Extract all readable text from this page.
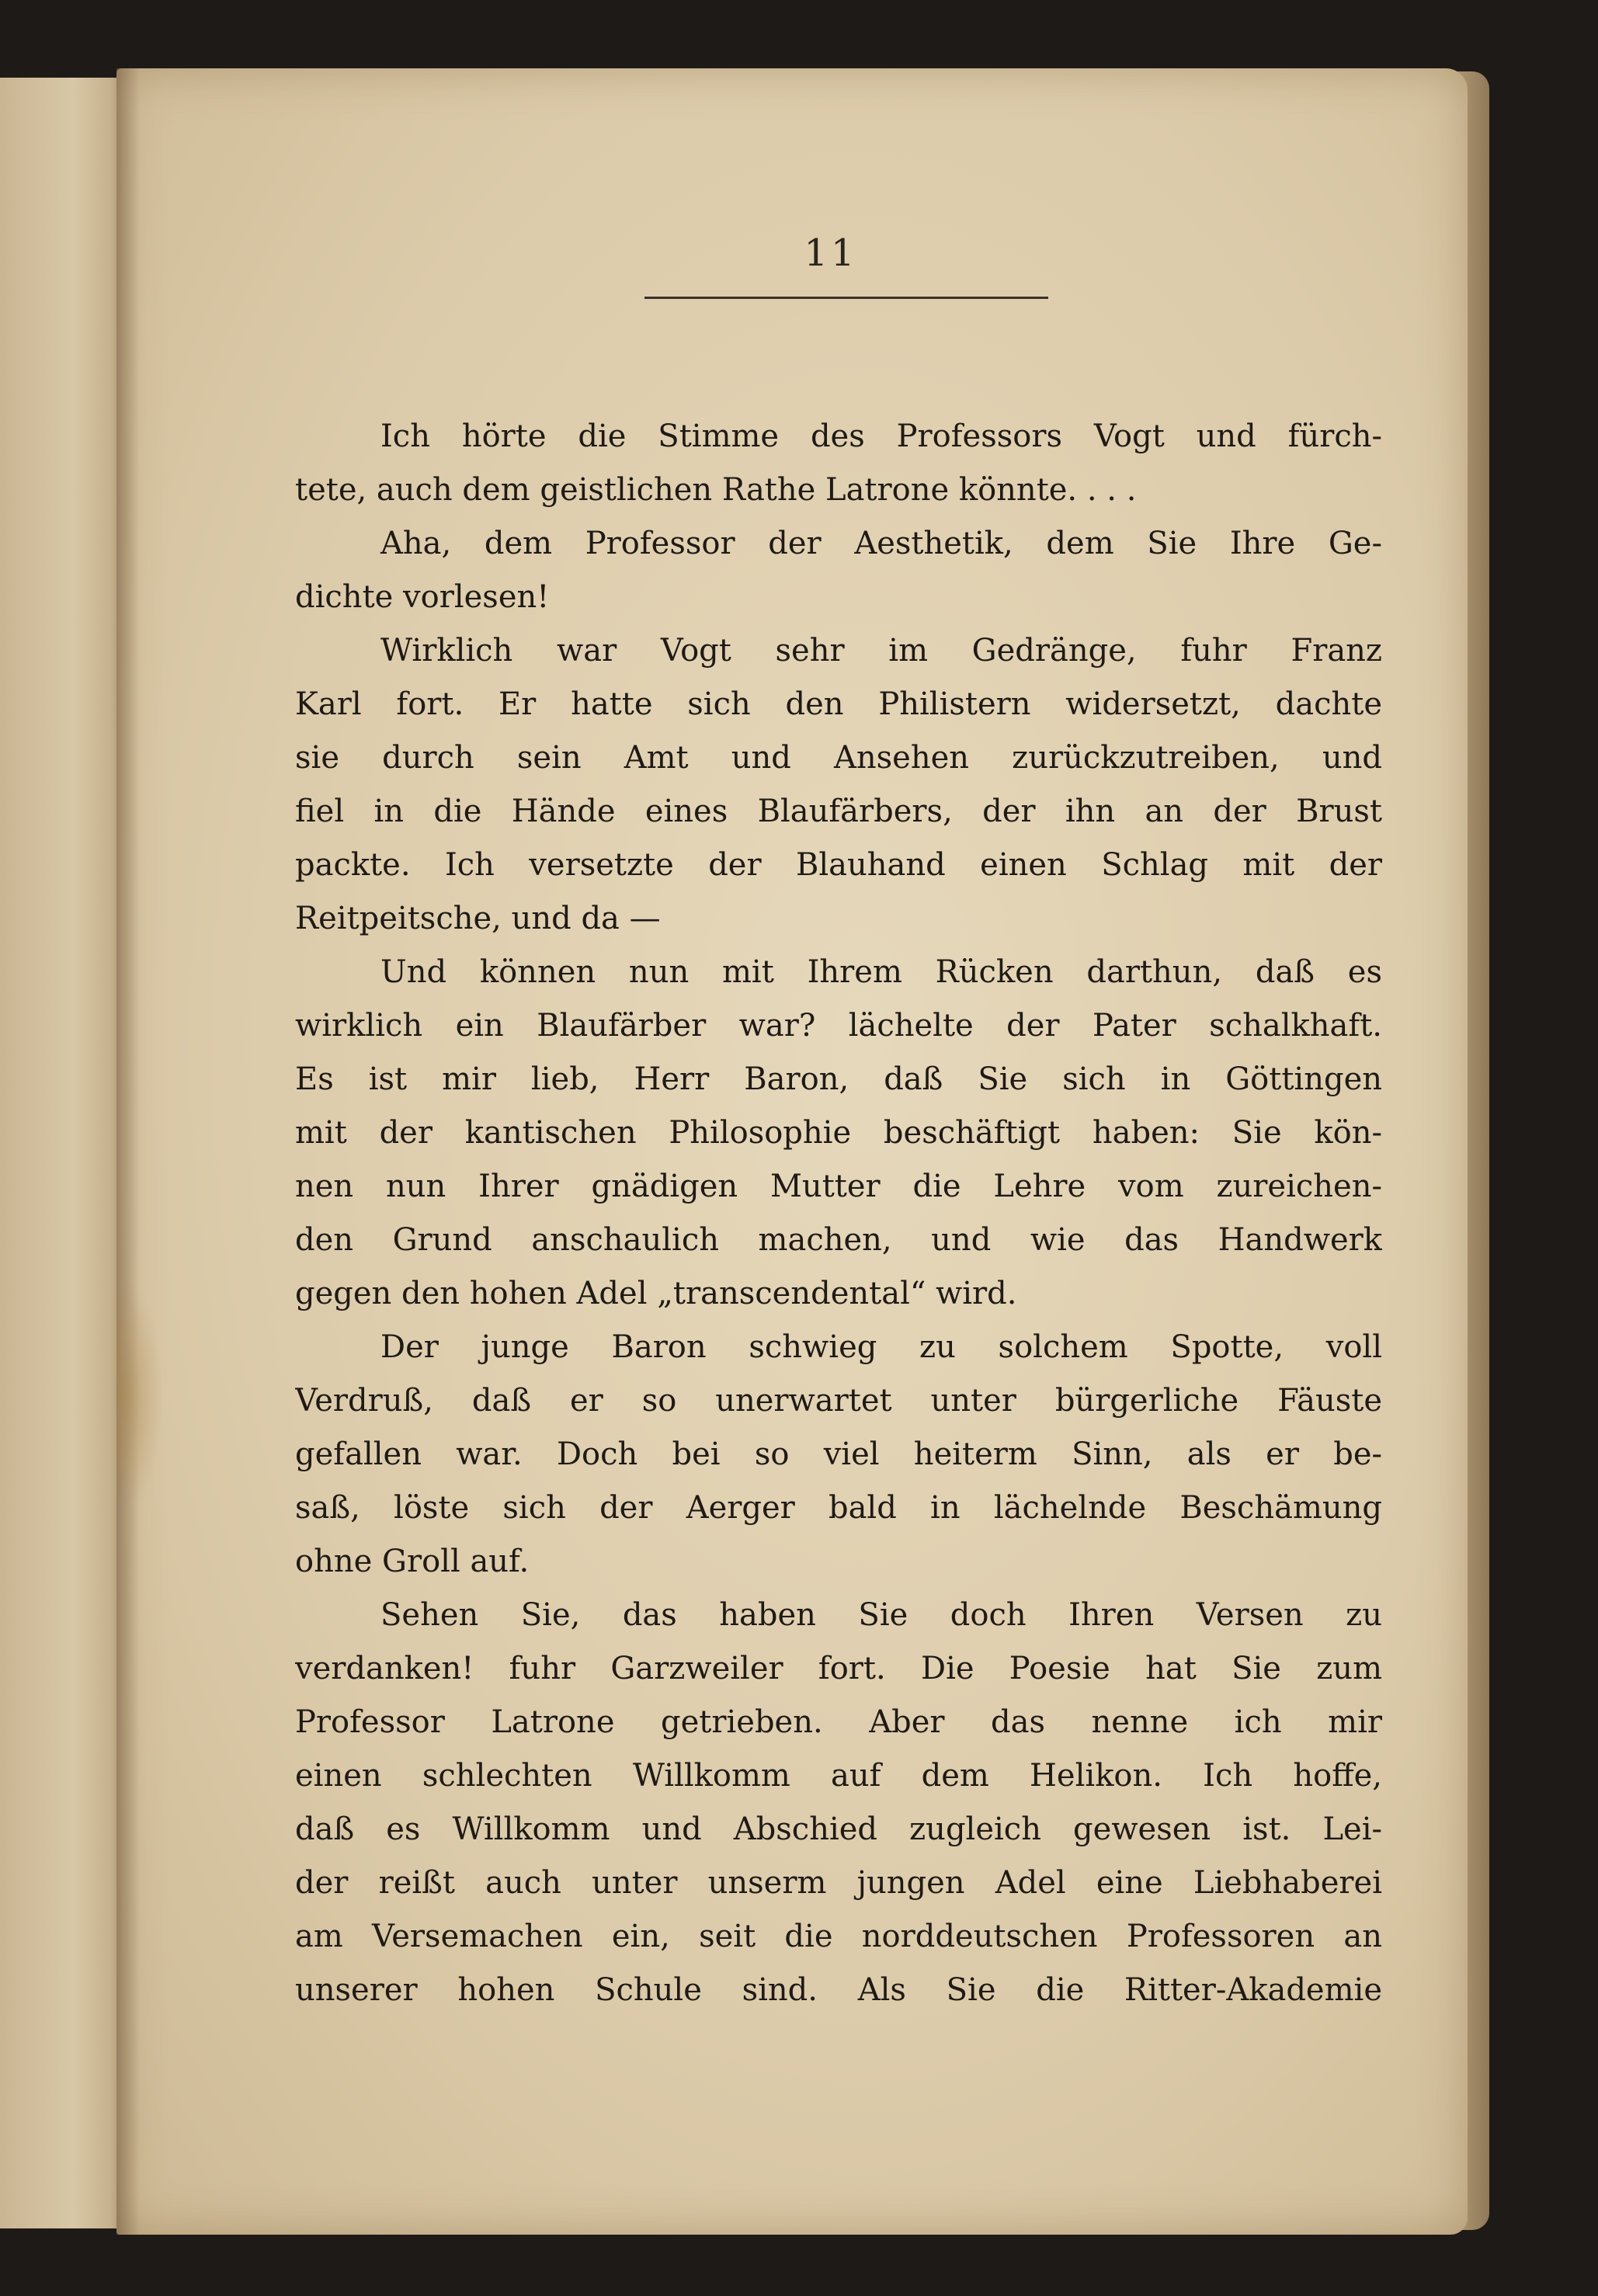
11
Ich hörte die Stimme des Professors Vogt und fürch-
tete, auch dem geistlichen Rathe Latrone könnte. . . .
Aha, dem Professor der Aesthetik, dem Sie Ihre Ge-
dichte vorlesen!
Wirklich war Vogt sehr im Gedränge, fuhr Franz
Karl fort. Er hatte sich den Philistern widersetzt, dachte
sie durch sein Amt und Ansehen zurückzutreiben, und
fiel in die Hände eines Blaufärbers, der ihn an der Brust
packte. Ich versetzte der Blauhand einen Schlag mit der
Reitpeitsche, und da —
Und können nun mit Ihrem Rücken darthun, daß es
wirklich ein Blaufärber war? lächelte der Pater schalkhaft.
Es ist mir lieb, Herr Baron, daß Sie sich in Göttingen
mit der kantischen Philosophie beschäftigt haben: Sie kön-
nen nun Ihrer gnädigen Mutter die Lehre vom zureichen-
den Grund anschaulich machen, und wie das Handwerk
gegen den hohen Adel „transcendental“ wird.
Der junge Baron schwieg zu solchem Spotte, voll
Verdruß, daß er so unerwartet unter bürgerliche Fäuste
gefallen war. Doch bei so viel heiterm Sinn, als er be-
saß, löste sich der Aerger bald in lächelnde Beschämung
ohne Groll auf.
Sehen Sie, das haben Sie doch Ihren Versen zu
verdanken! fuhr Garzweiler fort. Die Poesie hat Sie zum
Professor Latrone getrieben. Aber das nenne ich mir
einen schlechten Willkomm auf dem Helikon. Ich hoffe,
daß es Willkomm und Abschied zugleich gewesen ist. Lei-
der reißt auch unter unserm jungen Adel eine Liebhaberei
am Versemachen ein, seit die norddeutschen Professoren an
unserer hohen Schule sind. Als Sie die Ritter-Akademie
